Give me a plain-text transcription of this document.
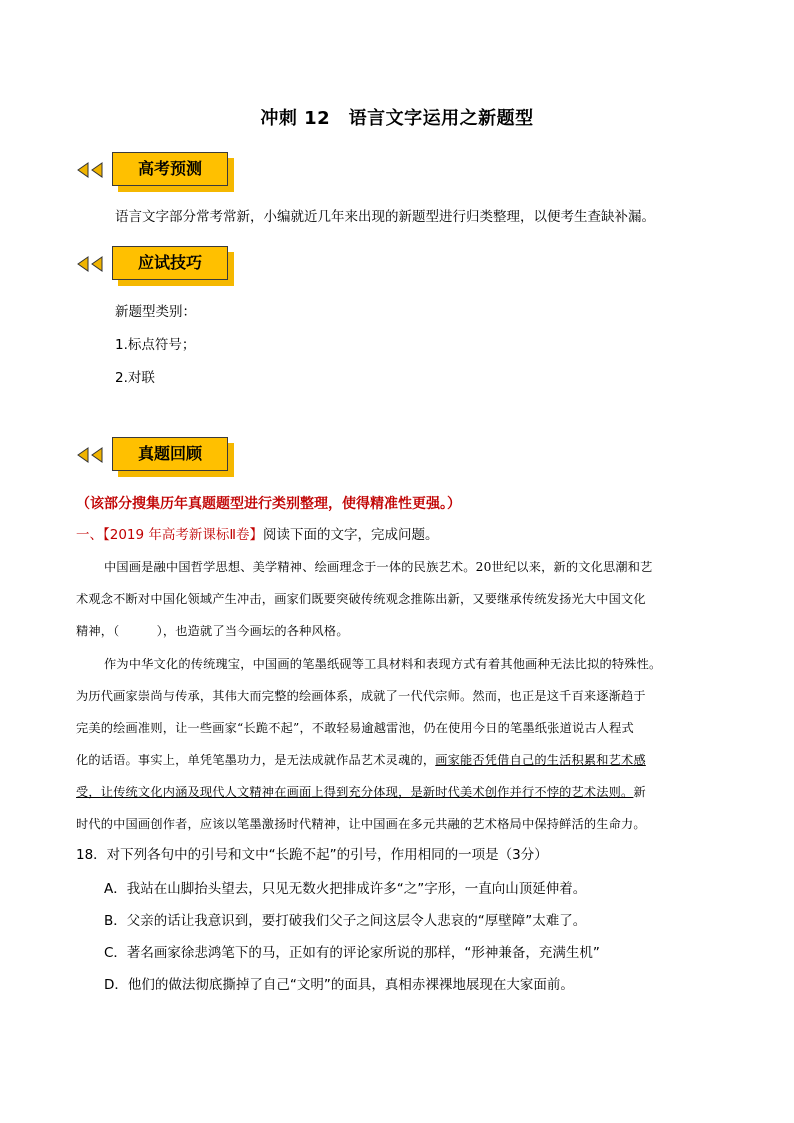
冲刺 12　语言文字运用之新题型
高考预测
语言文字部分常考常新，小编就近几年来出现的新题型进行归类整理，以便考生查缺补漏。
应试技巧
新题型类别：
1.标点符号；
2.对联
真题回顾
（该部分搜集历年真题题型进行类别整理，使得精准性更强。）
一、【2019 年高考新课标Ⅱ卷】阅读下面的文字，完成问题。
中国画是融中国哲学思想、美学精神、绘画理念于一体的民族艺术。20世纪以来，新的文化思潮和艺
术观念不断对中国化领域产生冲击，画家们既要突破传统观念推陈出新，又要继承传统发扬光大中国文化
精神，（　　　），也造就了当今画坛的各种风格。
作为中华文化的传统瑰宝，中国画的笔墨纸砚等工具材料和表现方式有着其他画种无法比拟的特殊性。
为历代画家崇尚与传承，其伟大而完整的绘画体系，成就了一代代宗师。然而，也正是这千百来逐渐趋于
完美的绘画准则，让一些画家“长跪不起”，不敢轻易逾越雷池，仍在使用今日的笔墨纸张道说古人程式
化的话语。事实上，单凭笔墨功力，是无法成就作品艺术灵魂的，画家能否凭借自己的生活积累和艺术感
受，让传统文化内涵及现代人文精神在画面上得到充分体现，是新时代美术创作并行不悖的艺术法则。新
时代的中国画创作者，应该以笔墨激扬时代精神，让中国画在多元共融的艺术格局中保持鲜活的生命力。
18．对下列各句中的引号和文中“长跪不起”的引号，作用相同的一项是（3分）
A．我站在山脚抬头望去，只见无数火把排成许多“之”字形，一直向山顶延伸着。
B．父亲的话让我意识到，要打破我们父子之间这层令人悲哀的“厚壁障”太难了。
C．著名画家徐悲鸿笔下的马，正如有的评论家所说的那样，“形神兼备，充满生机”
D．他们的做法彻底撕掉了自己“文明”的面具，真相赤裸裸地展现在大家面前。
